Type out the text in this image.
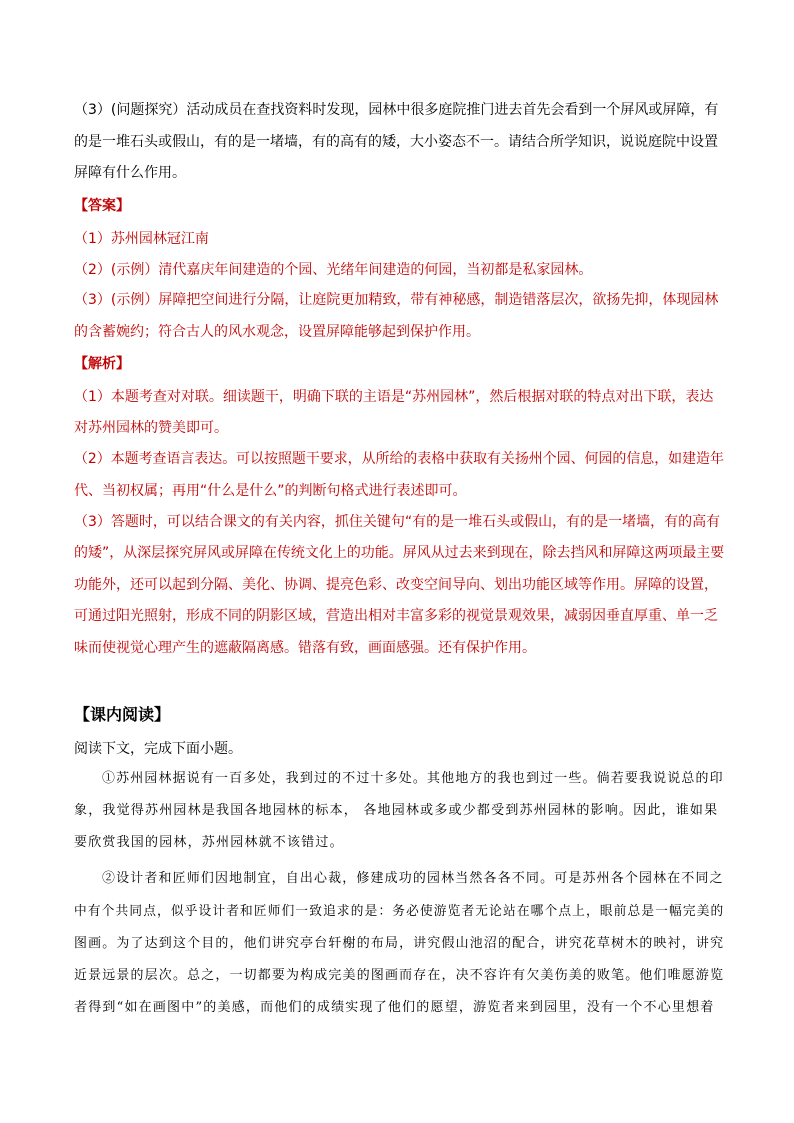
（3）(问题探究）活动成员在查找资料时发现，园林中很多庭院推门进去首先会看到一个屏风或屏障，有
的是一堆石头或假山，有的是一堵墙，有的高有的矮，大小姿态不一。请结合所学知识，说说庭院中设置
屏障有什么作用。
【答案】
（1）苏州园林冠江南
（2）(示例）清代嘉庆年间建造的个园、光绪年间建造的何园，当初都是私家园林。
（3）(示例）屏障把空间进行分隔，让庭院更加精致，带有神秘感，制造错落层次，欲扬先抑，体现园林
的含蓄婉约；符合古人的风水观念，设置屏障能够起到保护作用。
【解析】
（1）本题考查对对联。细读题干，明确下联的主语是“苏州园林”，然后根据对联的特点对出下联，表达
对苏州园林的赞美即可。
（2）本题考查语言表达。可以按照题干要求，从所给的表格中获取有关扬州个园、何园的信息，如建造年
代、当初权属；再用“什么是什么”的判断句格式进行表述即可。
（3）答题时，可以结合课文的有关内容，抓住关键句“有的是一堆石头或假山，有的是一堵墙，有的高有
的矮”，从深层探究屏风或屏障在传统文化上的功能。屏风从过去来到现在，除去挡风和屏障这两项最主要
功能外，还可以起到分隔、美化、协调、提亮色彩、改变空间导向、划出功能区域等作用。屏障的设置，
可通过阳光照射，形成不同的阴影区域，营造出相对丰富多彩的视觉景观效果，减弱因垂直厚重、单一乏
味而使视觉心理产生的遮蔽隔离感。错落有致，画面感强。还有保护作用。
【课内阅读】
阅读下文，完成下面小题。
①苏州园林据说有一百多处，我到过的不过十多处。其他地方的我也到过一些。倘若要我说说总的印
象，我觉得苏州园林是我国各地园林的标本， 各地园林或多或少都受到苏州园林的影响。因此，谁如果
要欣赏我国的园林，苏州园林就不该错过。
②设计者和匠师们因地制宜，自出心裁，修建成功的园林当然各各不同。可是苏州各个园林在不同之
中有个共同点，似乎设计者和匠师们一致追求的是：务必使游览者无论站在哪个点上，眼前总是一幅完美的
图画。为了达到这个目的，他们讲究亭台轩榭的布局，讲究假山池沼的配合，讲究花草树木的映衬，讲究
近景远景的层次。总之，一切都要为构成完美的图画而存在，决不容许有欠美伤美的败笔。他们唯愿游览
者得到“如在画图中”的美感，而他们的成绩实现了他们的愿望，游览者来到园里，没有一个不心里想着
